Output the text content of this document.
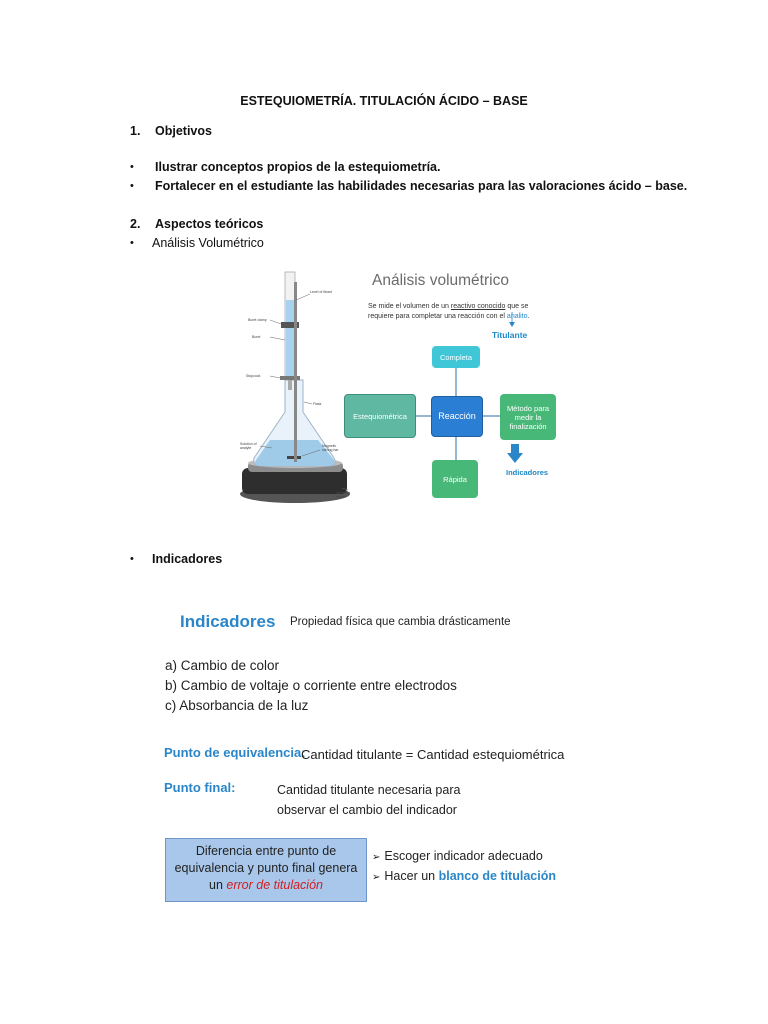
ESTEQUIOMETRÍA. TITULACIÓN ÁCIDO – BASE
1. Objetivos
• Ilustrar conceptos propios de la estequiometría.
• Fortalecer en el estudiante las habilidades necesarias para las valoraciones ácido – base.
2. Aspectos teóricos
• Análisis Volumétrico
Level of titrant
Buret clamp
Buret
Stopcock
Flask
Solution of analyte	Magnetic stirring bar
Magnetic stirrer
Análisis volumétrico
Se mide el volumen de un reactivo conocido que se requiere para completar una reacción con el analito.
Titulante
Completa
Estequiométrica	Reacción
Método para medir la finalización
Rápida
Indicadores
• Indicadores
Indicadores Propiedad física que cambia drásticamente
a) Cambio de color
b) Cambio de voltaje o corriente entre electrodos
c) Absorbancia de la luz
Punto de equivalencia:
Cantidad titulante = Cantidad estequiométrica
Punto final:	Cantidad titulante necesaria para
observar el cambio del indicador
Diferencia entre punto de
equivalencia y punto final genera
un error de titulación
➢ Escoger indicador adecuado
➢ Hacer un blanco de titulación
